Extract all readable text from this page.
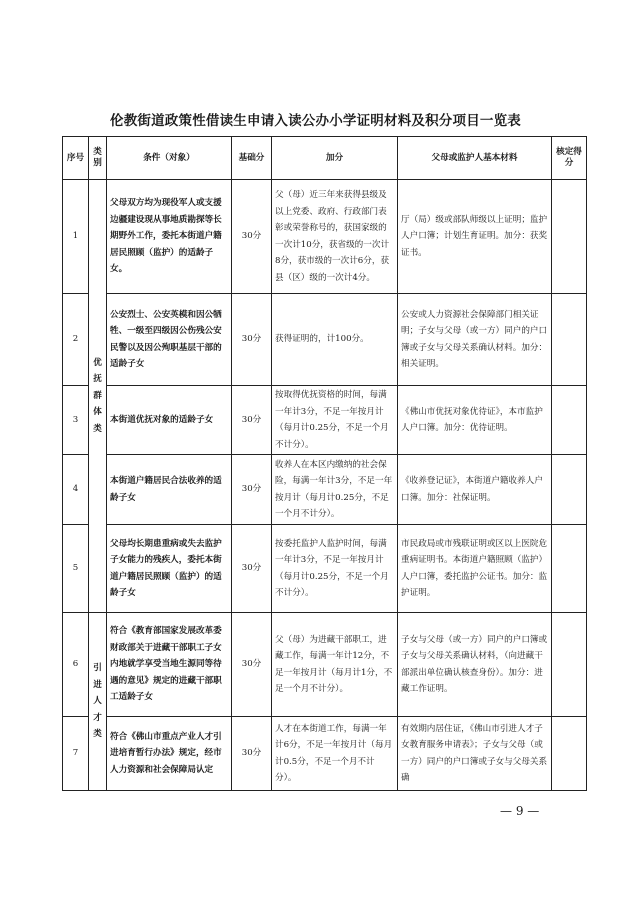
伦教街道政策性借读生申请入读公办小学证明材料及积分项目一览表
序号	类别	条件（对象）	基础分	加分	父母或监护人基本材料	核定得分
1	优抚群体类	父母双方均为现役军人或支援边疆建设现从事地质勘探等长期野外工作，委托本街道户籍居民照顾（监护）的适龄子女。	30分	父（母）近三年来获得县级及以上党委、政府、行政部门表彰或荣誉称号的，获国家级的一次计10分，获省级的一次计8分，获市级的一次计6分，获县（区）级的一次计4分。	厅（局）级或部队师级以上证明；监护人户口簿；计划生育证明。加分：获奖证书。	
2		公安烈士、公安英模和因公牺牲、一级至四级因公伤残公安民警以及因公殉职基层干部的适龄子女	30分	获得证明的，计100分。	公安或人力资源社会保障部门相关证明；子女与父母（或一方）同户的户口簿或子女与父母关系确认材料。加分：相关证明。	
3		本街道优抚对象的适龄子女	30分	按取得优抚资格的时间，每满一年计3分，不足一年按月计（每月计0.25分，不足一个月不计分）。	《佛山市优抚对象优待证》，本市监护人户口簿。加分：优待证明。	
4		本街道户籍居民合法收养的适龄子女	30分	收养人在本区内缴纳的社会保险，每满一年计3分，不足一年按月计（每月计0.25分，不足一个月不计分）。	《收养登记证》，本街道户籍收养人户口簿。加分：社保证明。	
5		父母均长期患重病或失去监护子女能力的残疾人，委托本街道户籍居民照顾（监护）的适龄子女	30分	按委托监护人监护时间，每满一年计3分，不足一年按月计（每月计0.25分，不足一个月不计分）。	市民政局或市残联证明或区以上医院危重病证明书。本街道户籍照顾（监护）人户口簿，委托监护公证书。加分：监护证明。	
6	引进人才类	符合《教育部国家发展改革委财政部关于进藏干部职工子女内地就学享受当地生源同等待遇的意见》规定的进藏干部职工适龄子女	30分	父（母）为进藏干部职工，进藏工作，每满一年计12分，不足一年按月计（每月计1分，不足一个月不计分）。	子女与父母（或一方）同户的户口簿或子女与父母关系确认材料，（向进藏干部派出单位确认核查身份）。加分：进藏工作证明。	
7		符合《佛山市重点产业人才引进培育暂行办法》规定，经市人力资源和社会保障局认定	30分	人才在本街道工作，每满一年计6分，不足一年按月计（每月计0.5分，不足一个月不计分）。	有效期内居住证，《佛山市引进人才子女教育服务申请表》；子女与父母（或一方）同户的户口簿或子女与父母关系确	
— 9 —
